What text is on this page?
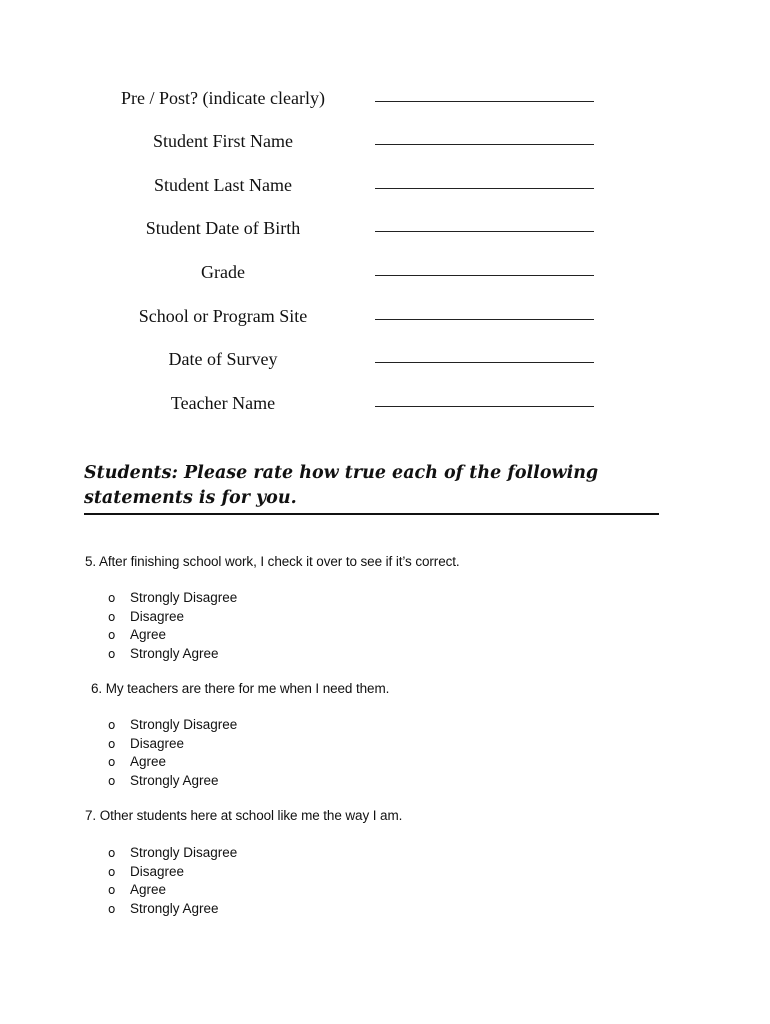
Pre / Post? (indicate clearly)
Student First Name
Student Last Name
Student Date of Birth
Grade
School or Program Site
Date of Survey
Teacher Name

Students: Please rate how true each of the following statements is for you.

5. After finishing school work, I check it over to see if it’s correct.

o Strongly Disagree
o Disagree
o Agree
o Strongly Agree

6. My teachers are there for me when I need them.

o Strongly Disagree
o Disagree
o Agree
o Strongly Agree

7. Other students here at school like me the way I am.

o Strongly Disagree
o Disagree
o Agree
o Strongly Agree
